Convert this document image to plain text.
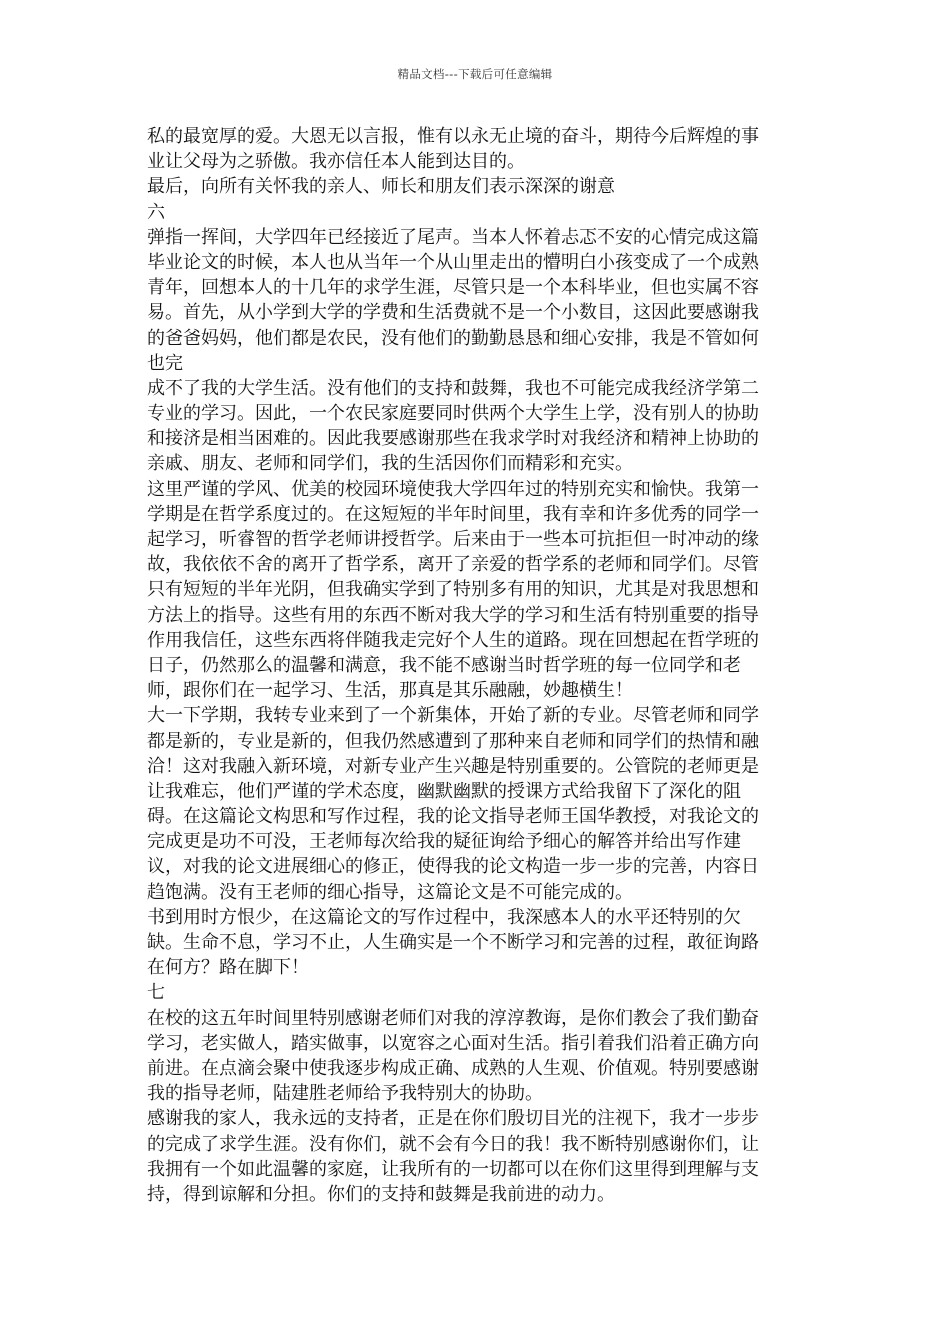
精品文档---下载后可任意编辑
私的最宽厚的爱。大恩无以言报，惟有以永无止境的奋斗，期待今后辉煌的事
业让父母为之骄傲。我亦信任本人能到达目的。
最后，向所有关怀我的亲人、师长和朋友们表示深深的谢意
六
弹指一挥间，大学四年已经接近了尾声。当本人怀着忐忑不安的心情完成这篇
毕业论文的时候，本人也从当年一个从山里走出的懵明白小孩变成了一个成熟
青年，回想本人的十几年的求学生涯，尽管只是一个本科毕业，但也实属不容
易。首先，从小学到大学的学费和生活费就不是一个小数目，这因此要感谢我
的爸爸妈妈，他们都是农民，没有他们的勤勤恳恳和细心安排，我是不管如何
也完
成不了我的大学生活。没有他们的支持和鼓舞，我也不可能完成我经济学第二
专业的学习。因此，一个农民家庭要同时供两个大学生上学，没有别人的协助
和接济是相当困难的。因此我要感谢那些在我求学时对我经济和精神上协助的
亲戚、朋友、老师和同学们，我的生活因你们而精彩和充实。
这里严谨的学风、优美的校园环境使我大学四年过的特别充实和愉快。我第一
学期是在哲学系度过的。在这短短的半年时间里，我有幸和许多优秀的同学一
起学习，听睿智的哲学老师讲授哲学。后来由于一些本可抗拒但一时冲动的缘
故，我依依不舍的离开了哲学系，离开了亲爱的哲学系的老师和同学们。尽管
只有短短的半年光阴，但我确实学到了特别多有用的知识，尤其是对我思想和
方法上的指导。这些有用的东西不断对我大学的学习和生活有特别重要的指导
作用我信任，这些东西将伴随我走完好个人生的道路。现在回想起在哲学班的
日子，仍然那么的温馨和满意，我不能不感谢当时哲学班的每一位同学和老
师，跟你们在一起学习、生活，那真是其乐融融，妙趣横生！
大一下学期，我转专业来到了一个新集体，开始了新的专业。尽管老师和同学
都是新的，专业是新的，但我仍然感遭到了那种来自老师和同学们的热情和融
洽！这对我融入新环境，对新专业产生兴趣是特别重要的。公管院的老师更是
让我难忘，他们严谨的学术态度，幽默幽默的授课方式给我留下了深化的阻
碍。在这篇论文构思和写作过程，我的论文指导老师王国华教授，对我论文的
完成更是功不可没，王老师每次给我的疑征询给予细心的解答并给出写作建
议，对我的论文进展细心的修正，使得我的论文构造一步一步的完善，内容日
趋饱满。没有王老师的细心指导，这篇论文是不可能完成的。
书到用时方恨少，在这篇论文的写作过程中，我深感本人的水平还特别的欠
缺。生命不息，学习不止，人生确实是一个不断学习和完善的过程，敢征询路
在何方？路在脚下！
七
在校的这五年时间里特别感谢老师们对我的淳淳教诲，是你们教会了我们勤奋
学习，老实做人，踏实做事，以宽容之心面对生活。指引着我们沿着正确方向
前进。在点滴会聚中使我逐步构成正确、成熟的人生观、价值观。特别要感谢
我的指导老师，陆建胜老师给予我特别大的协助。
感谢我的家人，我永远的支持者，正是在你们殷切目光的注视下，我才一步步
的完成了求学生涯。没有你们，就不会有今日的我！我不断特别感谢你们，让
我拥有一个如此温馨的家庭，让我所有的一切都可以在你们这里得到理解与支
持，得到谅解和分担。你们的支持和鼓舞是我前进的动力。
